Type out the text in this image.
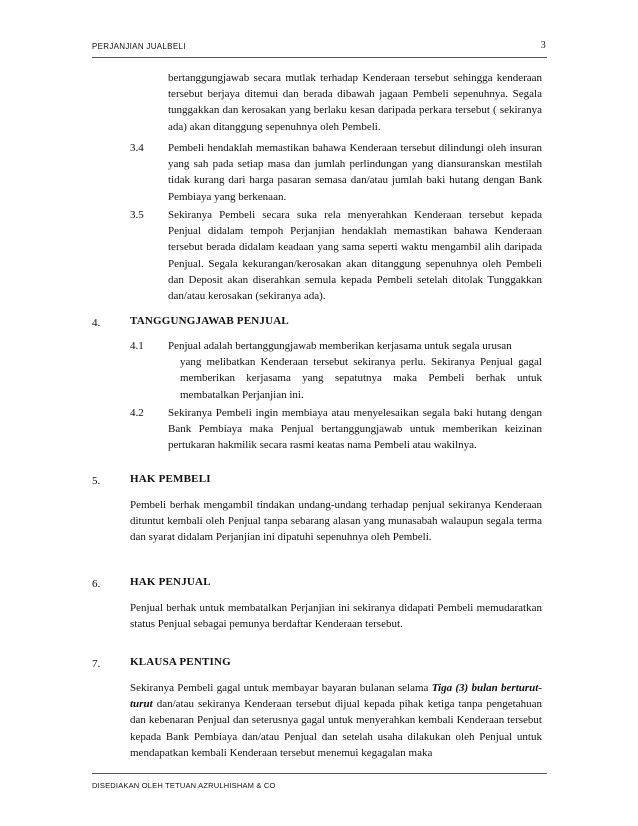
PERJANJIAN JUALBELI	3

bertanggungjawab secara mutlak terhadap Kenderaan tersebut sehingga kenderaan tersebut berjaya ditemui dan berada dibawah jagaan Pembeli sepenuhnya. Segala tunggakkan dan kerosakan yang berlaku kesan daripada perkara tersebut ( sekiranya ada) akan ditanggung sepenuhnya oleh Pembeli.

3.4 Pembeli hendaklah memastikan bahawa Kenderaan tersebut dilindungi oleh insuran yang sah pada setiap masa dan jumlah perlindungan yang diansuranskan mestilah tidak kurang dari harga pasaran semasa dan/atau jumlah baki hutang dengan Bank Pembiaya yang berkenaan.

3.5 Sekiranya Pembeli secara suka rela menyerahkan Kenderaan tersebut kepada Penjual didalam tempoh Perjanjian hendaklah memastikan bahawa Kenderaan tersebut berada didalam keadaan yang sama seperti waktu mengambil alih daripada Penjual. Segala kekurangan/kerosakan akan ditanggung sepenuhnya oleh Pembeli dan Deposit akan diserahkan semula kepada Pembeli setelah ditolak Tunggakkan dan/atau kerosakan (sekiranya ada).

4.	TANGGUNGJAWAB PENJUAL
4.1 Penjual adalah bertanggungjawab memberikan kerjasama untuk segala urusan
yang melibatkan Kenderaan tersebut sekiranya perlu. Sekiranya Penjual gagal memberikan kerjasama yang sepatutnya maka Pembeli berhak untuk membatalkan Perjanjian ini.
4.2 Sekiranya Pembeli ingin membiaya atau menyelesaikan segala baki hutang dengan Bank Pembiaya maka Penjual bertanggungjawab untuk memberikan keizinan pertukaran hakmilik secara rasmi keatas nama Pembeli atau wakilnya.

5.	HAK PEMBELI

Pembeli berhak mengambil tindakan undang-undang terhadap penjual sekiranya Kenderaan dituntut kembali oleh Penjual tanpa sebarang alasan yang munasabah walaupun segala terma dan syarat didalam Perjanjian ini dipatuhi sepenuhnya oleh Pembeli.

6.	HAK PENJUAL

Penjual berhak untuk membatalkan Perjanjian ini sekiranya didapati Pembeli memudaratkan status Penjual sebagai pemunya berdaftar Kenderaan tersebut.

7.	KLAUSA PENTING

Sekiranya Pembeli gagal untuk membayar bayaran bulanan selama Tiga (3) bulan berturut-turut dan/atau sekiranya Kenderaan tersebut dijual kepada pihak ketiga tanpa pengetahuan dan kebenaran Penjual dan seterusnya gagal untuk menyerahkan kembali Kenderaan tersebut kepada Bank Pembiaya dan/atau Penjual dan setelah usaha dilakukan oleh Penjual untuk mendapatkan kembali Kenderaan tersebut menemui kegagalan maka

DISEDIAKAN OLEH TETUAN AZRULHISHAM & CO
